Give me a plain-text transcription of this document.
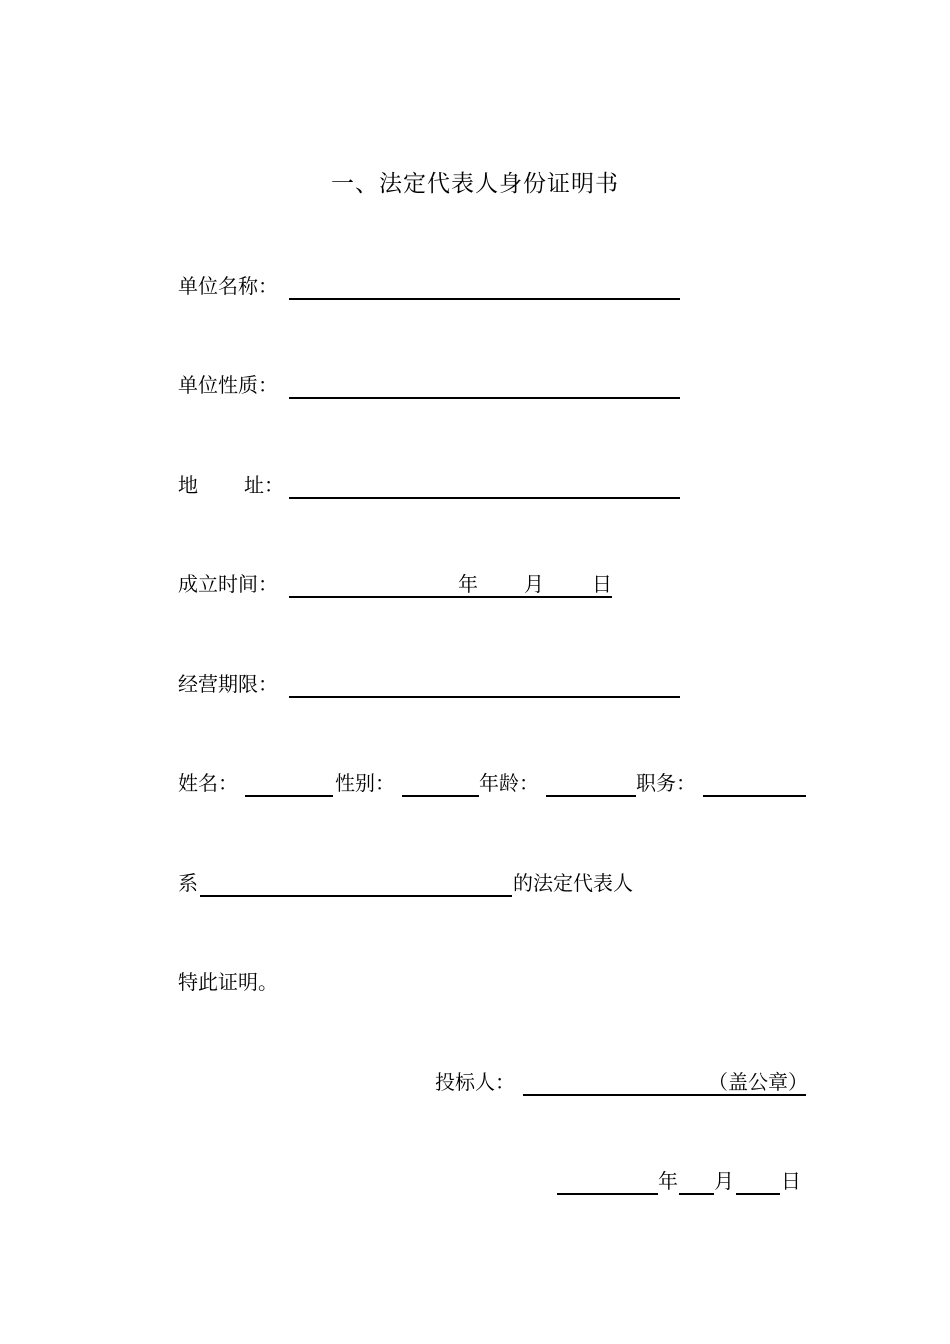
一、法定代表人身份证明书
单位名称：
单位性质：
地 址：
成立时间：	年 月 日
经营期限：
姓名：	性别：	年龄：	职务：
系	的法定代表人
特此证明。
投标人：	（盖公章）
年 月 日
